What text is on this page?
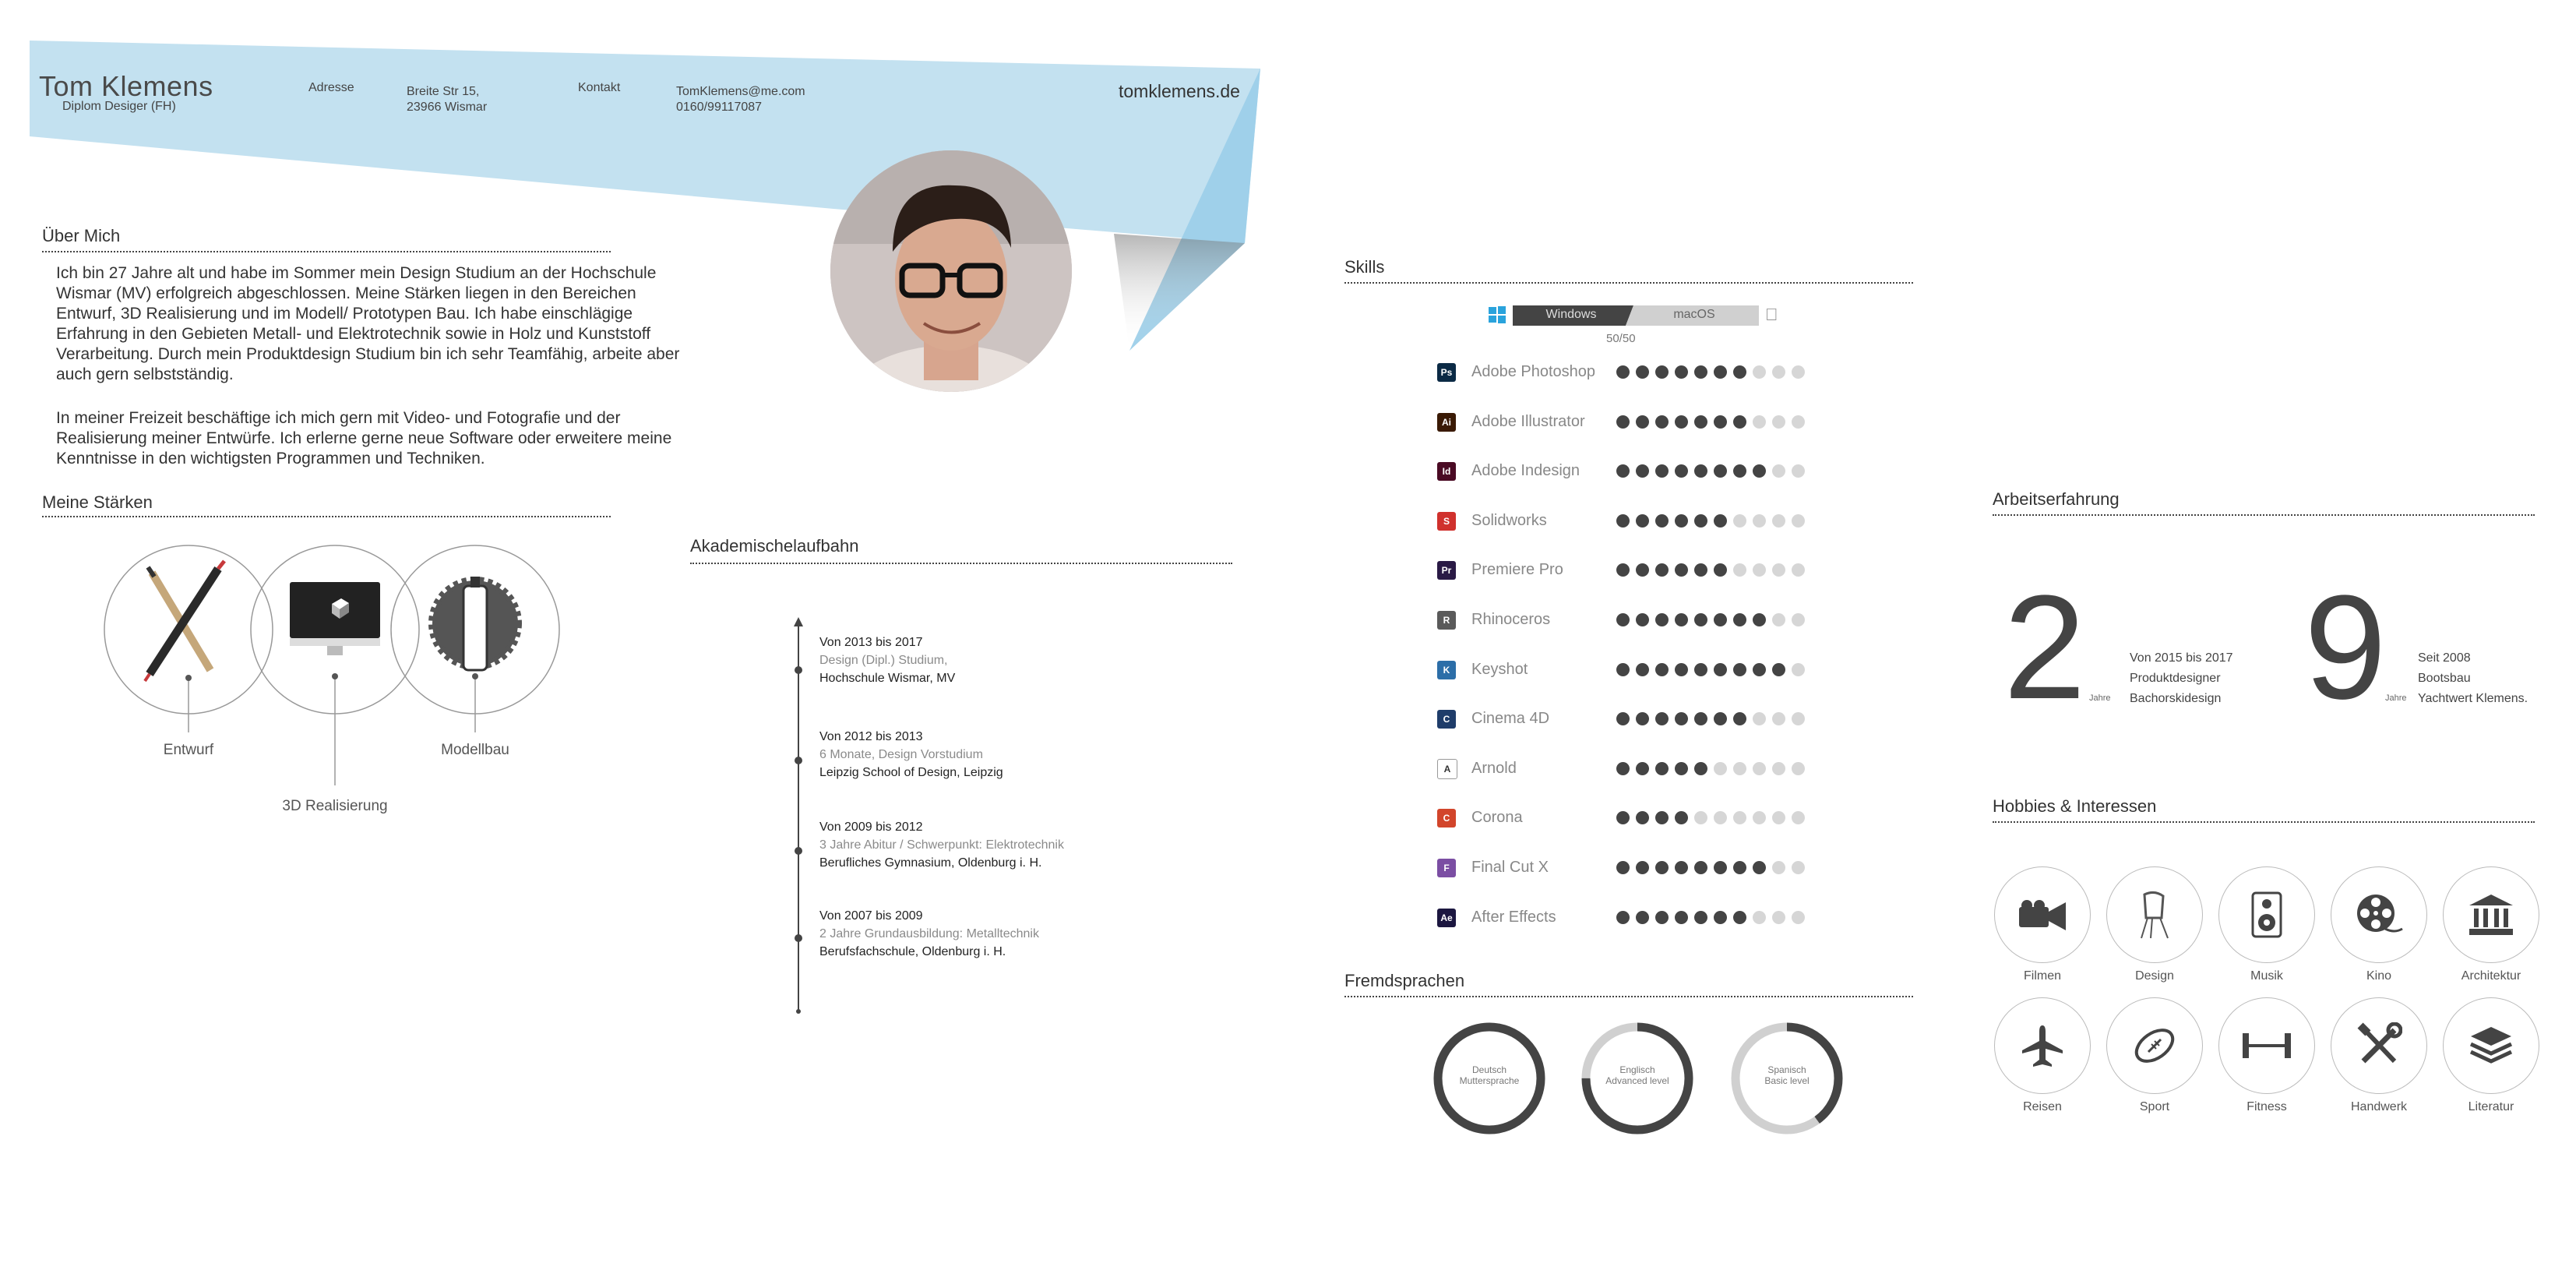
Tom Klemens
Diplom Desiger (FH)
Adresse	Breite Str 15,
23966 Wismar
Kontakt	TomKlemens@me.com
0160/99117087
tomklemens.de
Über Mich
Ich bin 27 Jahre alt und habe im Sommer mein Design Studium an der Hochschule
Wismar (MV) erfolgreich abgeschlossen. Meine Stärken liegen in den Bereichen
Entwurf, 3D Realisierung und im Modell/ Prototypen Bau. Ich habe einschlägige
Erfahrung in den Gebieten Metall- und Elektrotechnik sowie in Holz und Kunststoff
Verarbeitung. Durch mein Produktdesign Studium bin ich sehr Teamfähig, arbeite aber
auch gern selbstständig.
In meiner Freizeit beschäftige ich mich gern mit Video- und Fotografie und der
Realisierung meiner Entwürfe. Ich erlerne gerne neue Software oder erweitere meine
Kenntnisse in den wichtigsten Programmen und Techniken.
Meine Stärken
Entwurf
3D Realisierung
Modellbau
Akademischelaufbahn
Von 2013 bis 2017
Design (Dipl.) Studium,
Hochschule Wismar, MV
Von 2012 bis 2013
6 Monate, Design Vorstudium
Leipzig School of Design, Leipzig
Von 2009 bis 2012
3 Jahre Abitur / Schwerpunkt: Elektrotechnik
Berufliches Gymnasium, Oldenburg i. H.
Von 2007 bis 2009
2 Jahre Grundausbildung: Metalltechnik
Berufsfachschule, Oldenburg i. H.
Skills
Windows	macOS
50/50
Ps Adobe Photoshop
Ai	Adobe Illustrator
Id	Adobe Indesign
S	Solidworks
Pr Premiere Pro
R	Rhinoceros
K	Keyshot
C	Cinema 4D
A	Arnold
C	Corona
F	Final Cut X
Ae After Effects
Fremdsprachen
Deutsch
Muttersprache
Englisch
Advanced level
Spanisch
Basic level
Arbeitserfahrung
2 Jahre
Von 2015 bis 2017
Produktdesigner
Bachorskidesign 9
Jahre
Seit 2008
Bootsbau
Yachtwert Klemens.
Hobbies & Interessen
Filmen	Design	Musik	Kino	Architektur
Reisen	Sport	Fitness	Handwerk	Literatur
